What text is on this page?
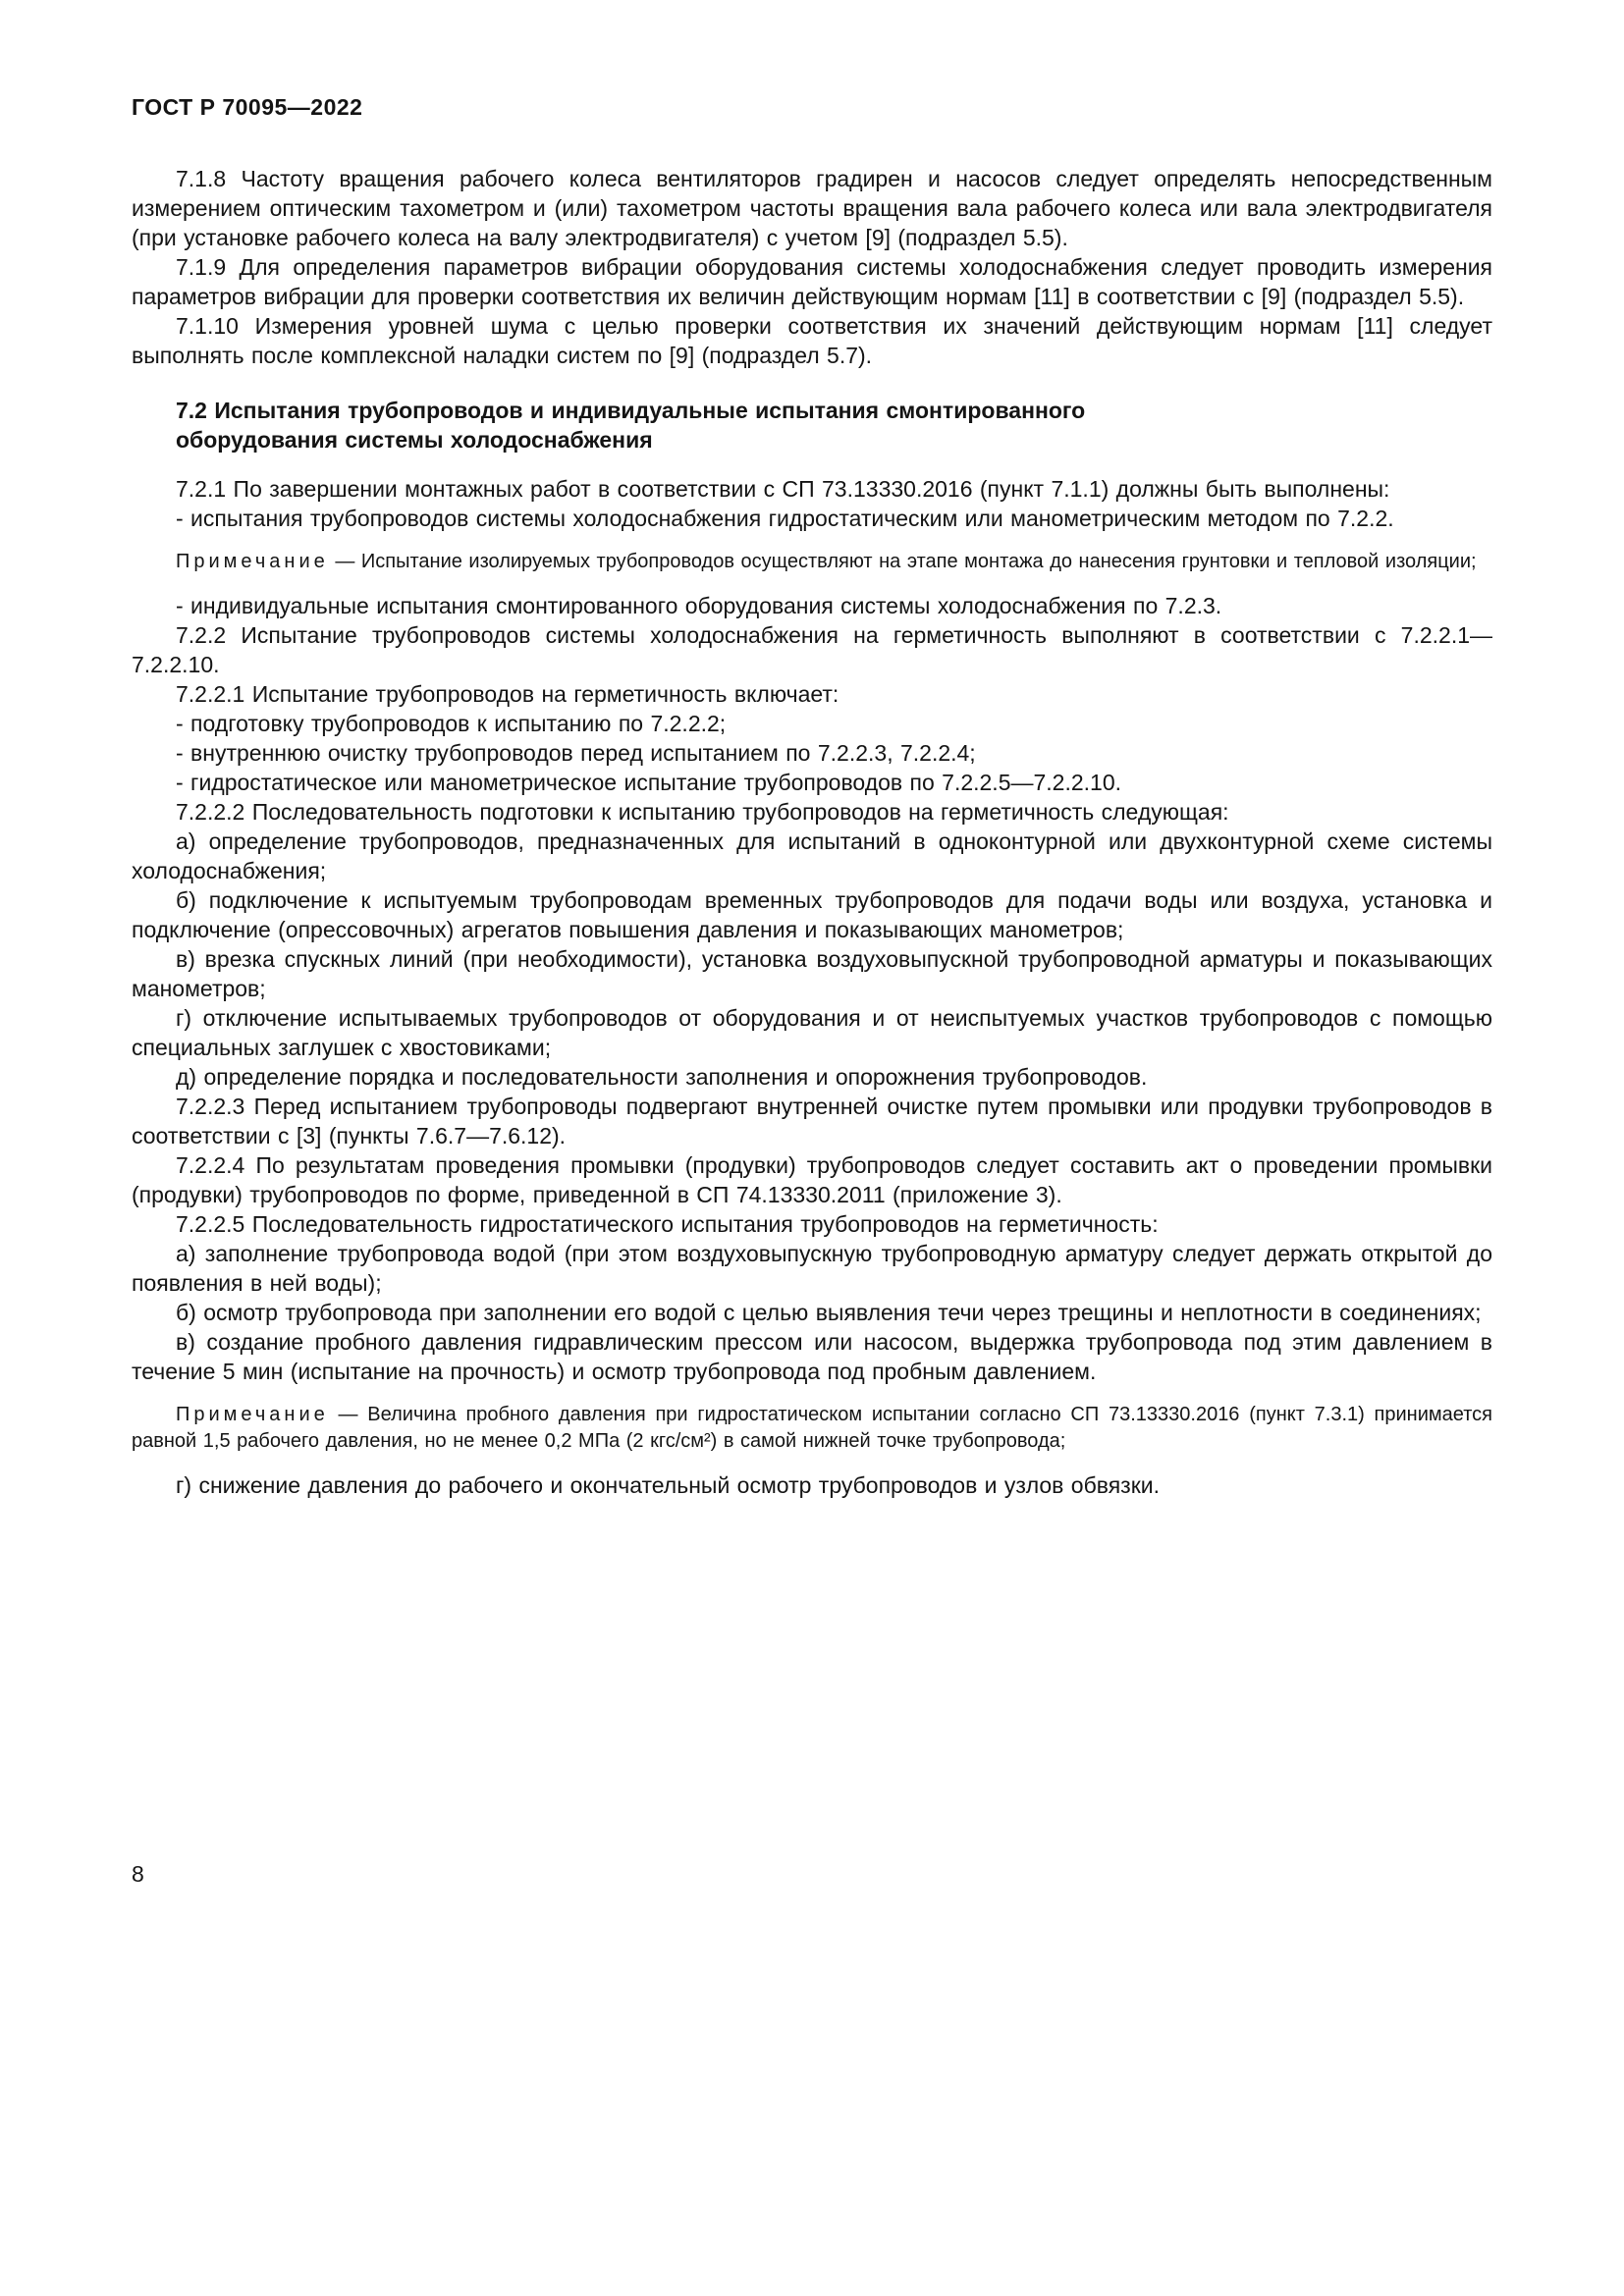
ГОСТ Р 70095—2022

7.1.8 Частоту вращения рабочего колеса вентиляторов градирен и насосов следует определять непосредственным измерением оптическим тахометром и (или) тахометром частоты вращения вала рабочего колеса или вала электродвигателя (при установке рабочего колеса на валу электродвигателя) с учетом [9] (подраздел 5.5).

7.1.9 Для определения параметров вибрации оборудования системы холодоснабжения следует проводить измерения параметров вибрации для проверки соответствия их величин действующим нормам [11] в соответствии с [9] (подраздел 5.5).

7.1.10 Измерения уровней шума с целью проверки соответствия их значений действующим нормам [11] следует выполнять после комплексной наладки систем по [9] (подраздел 5.7).

7.2 Испытания трубопроводов и индивидуальные испытания смонтированного оборудования системы холодоснабжения

7.2.1 По завершении монтажных работ в соответствии с СП 73.13330.2016 (пункт 7.1.1) должны быть выполнены:

- испытания трубопроводов системы холодоснабжения гидростатическим или манометрическим методом по 7.2.2.

Примечание — Испытание изолируемых трубопроводов осуществляют на этапе монтажа до нанесения грунтовки и тепловой изоляции;

- индивидуальные испытания смонтированного оборудования системы холодоснабжения по 7.2.3.

7.2.2 Испытание трубопроводов системы холодоснабжения на герметичность выполняют в соответствии с 7.2.2.1—7.2.2.10.

7.2.2.1 Испытание трубопроводов на герметичность включает:

- подготовку трубопроводов к испытанию по 7.2.2.2;

- внутреннюю очистку трубопроводов перед испытанием по 7.2.2.3, 7.2.2.4;

- гидростатическое или манометрическое испытание трубопроводов по 7.2.2.5—7.2.2.10.

7.2.2.2 Последовательность подготовки к испытанию трубопроводов на герметичность следующая:

а) определение трубопроводов, предназначенных для испытаний в одноконтурной или двухконтурной схеме системы холодоснабжения;

б) подключение к испытуемым трубопроводам временных трубопроводов для подачи воды или воздуха, установка и подключение (опрессовочных) агрегатов повышения давления и показывающих манометров;

в) врезка спускных линий (при необходимости), установка воздуховыпускной трубопроводной арматуры и показывающих манометров;

г) отключение испытываемых трубопроводов от оборудования и от неиспытуемых участков трубопроводов с помощью специальных заглушек с хвостовиками;

д) определение порядка и последовательности заполнения и опорожнения трубопроводов.

7.2.2.3 Перед испытанием трубопроводы подвергают внутренней очистке путем промывки или продувки трубопроводов в соответствии с [3] (пункты 7.6.7—7.6.12).

7.2.2.4 По результатам проведения промывки (продувки) трубопроводов следует составить акт о проведении промывки (продувки) трубопроводов по форме, приведенной в СП 74.13330.2011 (приложение 3).

7.2.2.5 Последовательность гидростатического испытания трубопроводов на герметичность:

а) заполнение трубопровода водой (при этом воздуховыпускную трубопроводную арматуру следует держать открытой до появления в ней воды);

б) осмотр трубопровода при заполнении его водой с целью выявления течи через трещины и неплотности в соединениях;

в) создание пробного давления гидравлическим прессом или насосом, выдержка трубопровода под этим давлением в течение 5 мин (испытание на прочность) и осмотр трубопровода под пробным давлением.

Примечание — Величина пробного давления при гидростатическом испытании согласно СП 73.13330.2016 (пункт 7.3.1) принимается равной 1,5 рабочего давления, но не менее 0,2 МПа (2 кгс/см²) в самой нижней точке трубопровода;

г) снижение давления до рабочего и окончательный осмотр трубопроводов и узлов обвязки.

8
